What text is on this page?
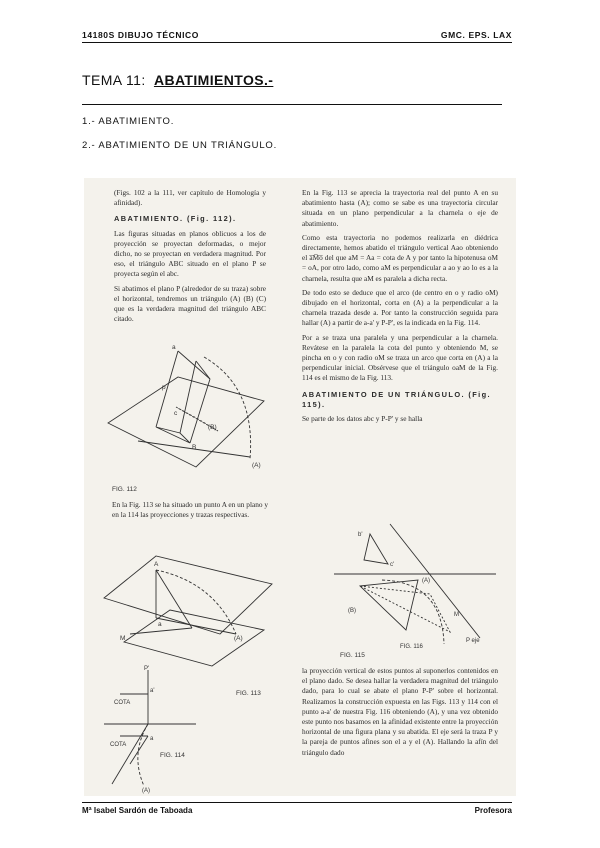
14180S DIBUJO TÉCNICO	GMC. EPS. LAX
TEMA 11: ABATIMIENTOS.-
1.- ABATIMIENTO.
2.- ABATIMIENTO DE UN TRIÁNGULO.

(Figs. 102 a la 111, ver capítulo de Homología y afinidad).

ABATIMIENTO. (Fig. 112).

Las figuras situadas en planos oblicuos a los de proyección se proyectan deformadas, o mejor dicho, no se proyectan en verdadera magnitud. Por eso, el triángulo ABC situado en el plano P se proyecta según el abc.

Si abatimos el plano P (alrededor de su traza) sobre el horizontal, tendremos un triángulo (A) (B) (C) que es la verdadera magnitud del triángulo ABC citado.

a
p
c
(B)
(A)
B
FIG. 112

En la Fig. 113 se ha situado un punto A en un plano y en la 114 las proyecciones y trazas respectivas.

A
M	(A)
a
FIG. 113
P'
a'
a
(A)
COTA
COTA
FIG. 114

En la Fig. 113 se aprecia la trayectoria real del punto A en su abatimiento hasta (A); como se sabe es una trayectoria circular situada en un plano perpendicular a la charnela o eje de abatimiento.

Como esta trayectoria no podemos realizarla en diédrica directamente, hemos abatido el triángulo vertical Aao obteniendo el a̅M̅o̅ del que aM = Aa = cota de A y por tanto la hipotenusa oM = oA, por otro lado, como aM es perpendicular a ao y ao lo es a la charnela, resulta que aM es paralela a dicha recta.

De todo esto se deduce que el arco (de centro en o y radio oM) dibujado en el horizontal, corta en (A) a la perpendicular a la charnela trazada desde a. Por tanto la construcción seguida para hallar (A) a partir de a-a' y P-P', es la indicada en la Fig. 114.

Por a se traza una paralela y una perpendicular a la charnela. Revátese en la paralela la cota del punto y obteniendo M, se pincha en o y con radio oM se traza un arco que corta en (A) a la perpendicular inicial. Obsérvese que el triángulo oaM de la Fig. 114 es el mismo de la Fig. 113.

ABATIMIENTO DE UN TRIÁNGULO. (Fig. 115).

Se parte de los datos abc y P-P' y se halla

b'
c'
(B)
(A)
M
FIG. 116
P eje
FIG. 115

la proyección vertical de estos puntos al suponerlos contenidos en el plano dado. Se desea hallar la verdadera magnitud del triángulo dado, para lo cual se abate el plano P-P' sobre el horizontal. Realizamos la construcción expuesta en las Figs. 113 y 114 con el punto a-a' de nuestra Fig. 116 obteniendo (A), y una vez obtenido este punto nos basamos en la afinidad existente entre la proyección horizontal de una figura plana y su abatida. El eje será la traza P y la pareja de puntos afines son el a y el (A). Hallando la afín del triángulo dado

Mª Isabel Sardón de Taboada	Profesora
